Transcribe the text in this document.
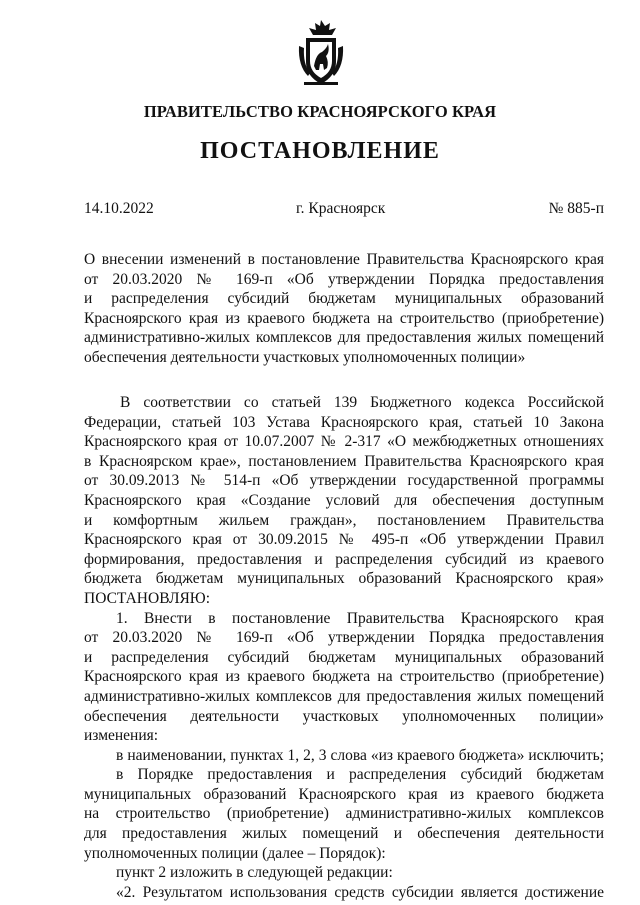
ПРАВИТЕЛЬСТВО КРАСНОЯРСКОГО КРАЯ
ПОСТАНОВЛЕНИЕ
14.10.2022	г. Красноярск	№ 885-п
О внесении изменений в постановление Правительства Красноярского края
от 20.03.2020 № 169-п «Об утверждении Порядка предоставления
и распределения субсидий бюджетам муниципальных образований
Красноярского края из краевого бюджета на строительство (приобретение)
административно-жилых комплексов для предоставления жилых помещений
обеспечения деятельности участковых уполномоченных полиции»
В соответствии со статьей 139 Бюджетного кодекса Российской
Федерации, статьей 103 Устава Красноярского края, статьей 10 Закона
Красноярского края от 10.07.2007 № 2-317 «О межбюджетных отношениях
в Красноярском крае», постановлением Правительства Красноярского края
от 30.09.2013 № 514-п «Об утверждении государственной программы
Красноярского края «Создание условий для обеспечения доступным
и комфортным жильем граждан», постановлением Правительства
Красноярского края от 30.09.2015 № 495-п «Об утверждении Правил
формирования, предоставления и распределения субсидий из краевого
бюджета бюджетам муниципальных образований Красноярского края»
ПОСТАНОВЛЯЮ:
1. Внести в постановление Правительства Красноярского края
от 20.03.2020 № 169-п «Об утверждении Порядка предоставления
и распределения субсидий бюджетам муниципальных образований
Красноярского края из краевого бюджета на строительство (приобретение)
административно-жилых комплексов для предоставления жилых помещений
обеспечения деятельности участковых уполномоченных полиции»
изменения:
в наименовании, пунктах 1, 2, 3 слова «из краевого бюджета» исключить;
в Порядке предоставления и распределения субсидий бюджетам
муниципальных образований Красноярского края из краевого бюджета
на строительство (приобретение) административно-жилых комплексов
для предоставления жилых помещений и обеспечения деятельности
уполномоченных полиции (далее – Порядок):
пункт 2 изложить в следующей редакции:
«2. Результатом использования средств субсидии является достижение
